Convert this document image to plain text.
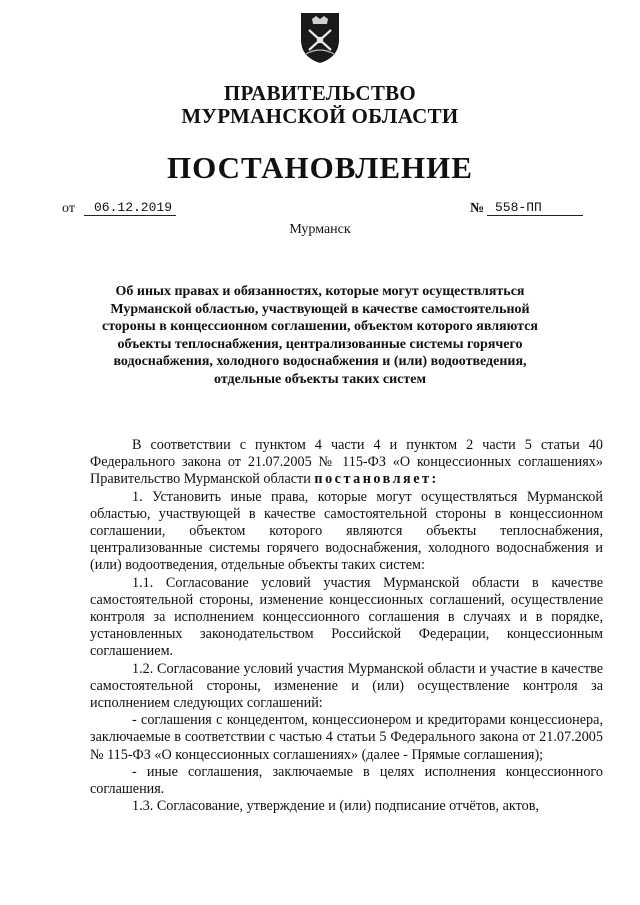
ПРАВИТЕЛЬСТВО
МУРМАНСКОЙ ОБЛАСТИ
ПОСТАНОВЛЕНИЕ
от	06.12.2019	№ 558-ПП
Мурманск
Об иных правах и обязанностях, которые могут осуществляться
Мурманской областью, участвующей в качестве самостоятельной
стороны в концессионном соглашении, объектом которого являются
объекты теплоснабжения, централизованные системы горячего
водоснабжения, холодного водоснабжения и (или) водоотведения,
отдельные объекты таких систем

В соответствии с пунктом 4 части 4 и пунктом 2 части 5 статьи 40 Федерального закона от 21.07.2005 № 115-ФЗ «О концессионных соглашениях» Правительство Мурманской области постановляет:

1. Установить иные права, которые могут осуществляться Мурманской областью, участвующей в качестве самостоятельной стороны в концессионном соглашении, объектом которого являются объекты теплоснабжения, централизованные системы горячего водоснабжения, холодного водоснабжения и (или) водоотведения, отдельные объекты таких систем:

1.1. Согласование условий участия Мурманской области в качестве самостоятельной стороны, изменение концессионных соглашений, осуществление контроля за исполнением концессионного соглашения в случаях и в порядке, установленных законодательством Российской Федерации, концессионным соглашением.

1.2. Согласование условий участия Мурманской области и участие в качестве самостоятельной стороны, изменение и (или) осуществление контроля за исполнением следующих соглашений:

- соглашения с концедентом, концессионером и кредиторами концессионера, заключаемые в соответствии с частью 4 статьи 5 Федерального закона от 21.07.2005 № 115-ФЗ «О концессионных соглашениях» (далее - Прямые соглашения);

- иные соглашения, заключаемые в целях исполнения концессионного соглашения.

1.3. Согласование, утверждение и (или) подписание отчётов, актов,
